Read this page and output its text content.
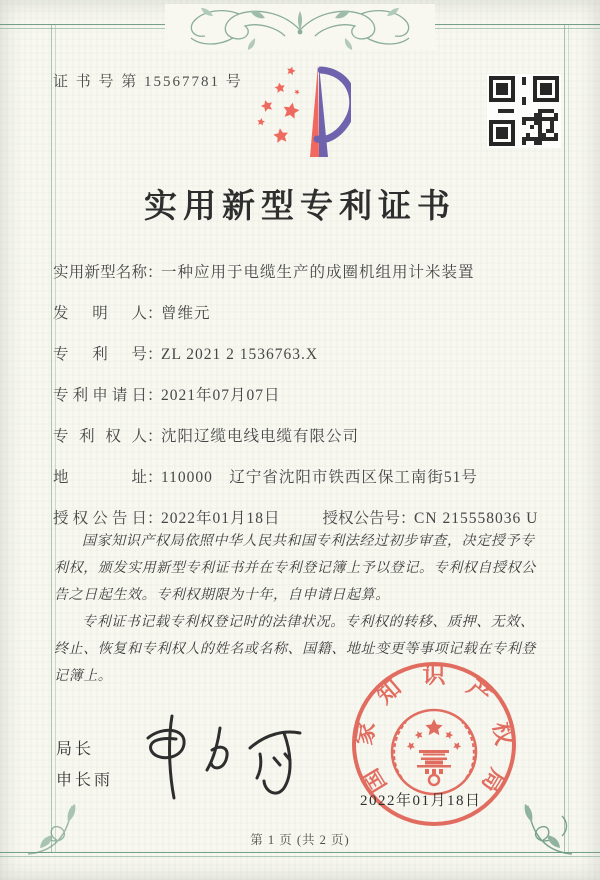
证 书 号 第 15567781 号
实用新型专利证书
实用新型名称：一种应用于电缆生产的成圈机组用计米装置
发明人：曾维元
专利号：ZL 2021 2 1536763.X
专利申请日：2021年07月07日
专利权人：沈阳辽缆电线电缆有限公司
地址：110000　辽宁省沈阳市铁西区保工南街51号
授权公告日：2022年01月18日	授权公告号：CN 215558036 U

国家知识产权局依照中华人民共和国专利法经过初步审查，决定授予专利权，颁发实用新型专利证书并在专利登记簿上予以登记。专利权自授权公告之日起生效。专利权期限为十年，自申请日起算。

专利证书记载专利权登记时的法律状况。专利权的转移、质押、无效、终止、恢复和专利权人的姓名或名称、国籍、地址变更等事项记载在专利登记簿上。

局长
申长雨	国家知识产权局
2022年01月18日
第 1 页 (共 2 页)
